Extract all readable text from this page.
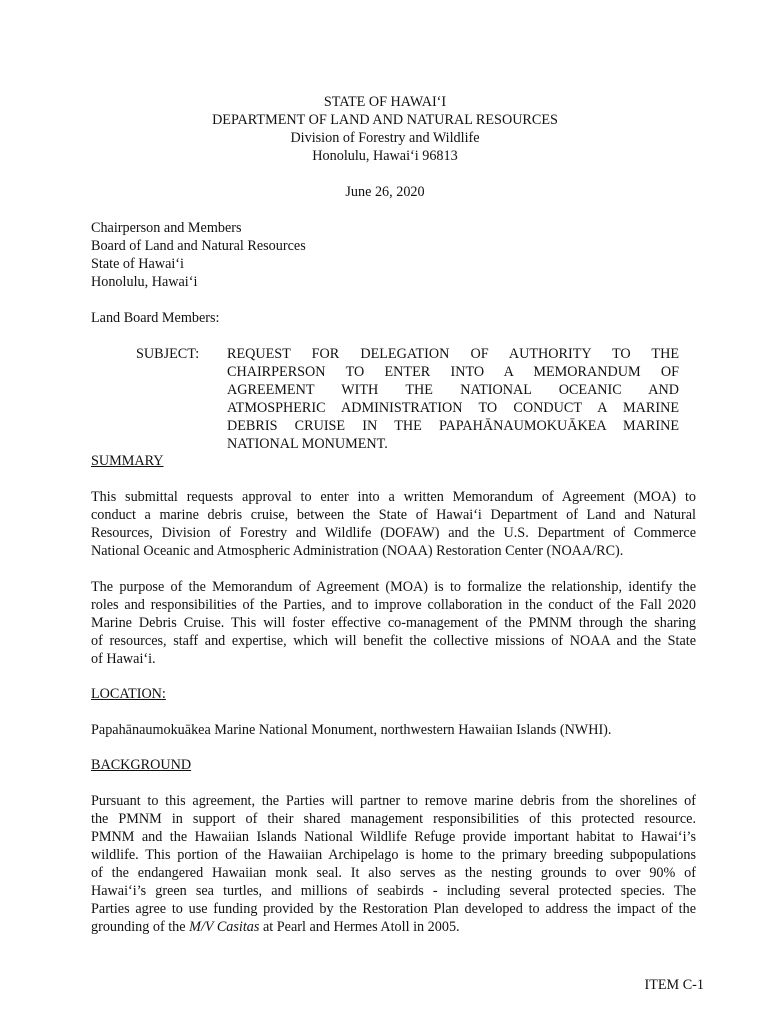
STATE OF HAWAI‘I
DEPARTMENT OF LAND AND NATURAL RESOURCES
Division of Forestry and Wildlife
Honolulu, Hawai‘i 96813
June 26, 2020
Chairperson and Members
Board of Land and Natural Resources
State of Hawai‘i
Honolulu, Hawai‘i
Land Board Members:
SUBJECT: REQUEST FOR DELEGATION OF AUTHORITY TO THE
CHAIRPERSON TO ENTER INTO A MEMORANDUM OF
AGREEMENT WITH THE NATIONAL OCEANIC AND
ATMOSPHERIC ADMINISTRATION TO CONDUCT A MARINE
DEBRIS CRUISE IN THE PAPAHĀNAUMOKUĀKEA MARINE
NATIONAL MONUMENT.
SUMMARY
This submittal requests approval to enter into a written Memorandum of Agreement (MOA) to
conduct a marine debris cruise, between the State of Hawai‘i Department of Land and Natural
Resources, Division of Forestry and Wildlife (DOFAW) and the U.S. Department of Commerce
National Oceanic and Atmospheric Administration (NOAA) Restoration Center (NOAA/RC).
The purpose of the Memorandum of Agreement (MOA) is to formalize the relationship, identify the
roles and responsibilities of the Parties, and to improve collaboration in the conduct of the Fall 2020
Marine Debris Cruise. This will foster effective co-management of the PMNM through the sharing
of resources, staff and expertise, which will benefit the collective missions of NOAA and the State
of Hawai‘i.
LOCATION:
Papahānaumokuākea Marine National Monument, northwestern Hawaiian Islands (NWHI).
BACKGROUND
Pursuant to this agreement, the Parties will partner to remove marine debris from the shorelines of
the PMNM in support of their shared management responsibilities of this protected resource.
PMNM and the Hawaiian Islands National Wildlife Refuge provide important habitat to Hawai‘i’s
wildlife. This portion of the Hawaiian Archipelago is home to the primary breeding subpopulations
of the endangered Hawaiian monk seal. It also serves as the nesting grounds to over 90% of
Hawai‘i’s green sea turtles, and millions of seabirds - including several protected species. The
Parties agree to use funding provided by the Restoration Plan developed to address the impact of the
grounding of the M/V Casitas at Pearl and Hermes Atoll in 2005.
ITEM C-1
